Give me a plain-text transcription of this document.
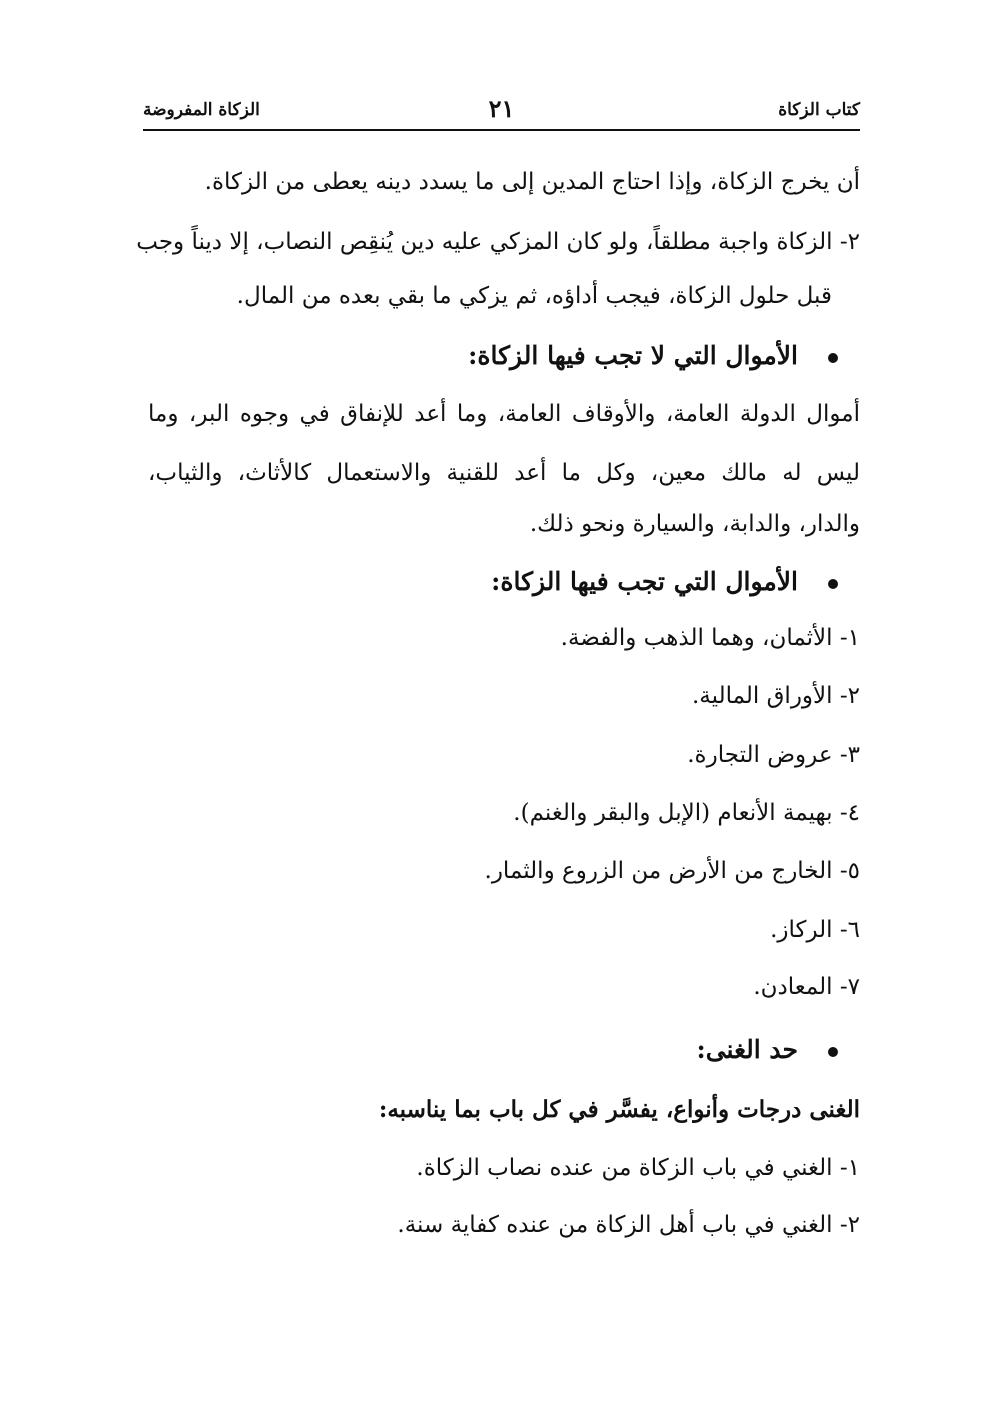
كتاب الزكاة
٢١
الزكاة المفروضة
أن يخرج الزكاة، وإذا احتاج المدين إلى ما يسدد دينه يعطى من الزكاة.
٢- الزكاة واجبة مطلقاً، ولو كان المزكي عليه دين يُنقِص النصاب، إلا ديناً وجب
قبل حلول الزكاة، فيجب أداؤه، ثم يزكي ما بقي بعده من المال.
الأموال التي لا تجب فيها الزكاة:
أموال الدولة العامة، والأوقاف العامة، وما أعد للإنفاق في وجوه البر، وما
ليس له مالك معين، وكل ما أعد للقنية والاستعمال كالأثاث، والثياب،
والدار، والدابة، والسيارة ونحو ذلك.
الأموال التي تجب فيها الزكاة:
١- الأثمان، وهما الذهب والفضة.
٢- الأوراق المالية.
٣- عروض التجارة.
٤- بهيمة الأنعام (الإبل والبقر والغنم).
٥- الخارج من الأرض من الزروع والثمار.
٦- الركاز.
٧- المعادن.
حد الغنى:
الغنى درجات وأنواع، يفسَّر في كل باب بما يناسبه:
١- الغني في باب الزكاة من عنده نصاب الزكاة.
٢- الغني في باب أهل الزكاة من عنده كفاية سنة.
